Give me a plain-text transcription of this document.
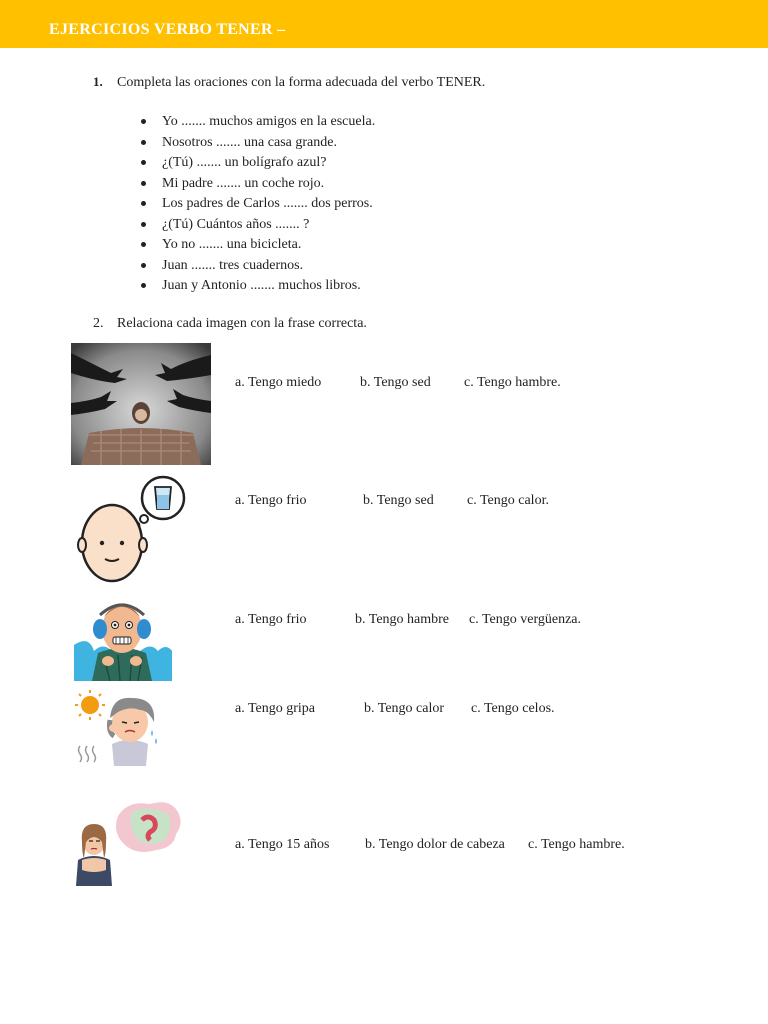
EJERCICIOS VERBO TENER –
1. Completa las oraciones con la forma adecuada del verbo TENER.
Yo ....... muchos amigos en la escuela.
Nosotros ....... una casa grande.
¿(Tú) ....... un bolígrafo azul?
Mi padre ....... un coche rojo.
Los padres de Carlos ....... dos perros.
¿(Tú) Cuántos años ....... ?
Yo no ....... una bicicleta.
Juan ....... tres cuadernos.
Juan y Antonio ....... muchos libros.
2. Relaciona cada imagen con la frase correcta.
a. Tengo miedo	b. Tengo sed c. Tengo hambre.
a. Tengo frio	b. Tengo sed c. Tengo calor.
a. Tengo frio	b. Tengo hambre c. Tengo vergüenza.
a. Tengo gripa	b. Tengo calor c. Tengo celos.
a. Tengo 15 años	b. Tengo dolor de cabeza c. Tengo hambre.
